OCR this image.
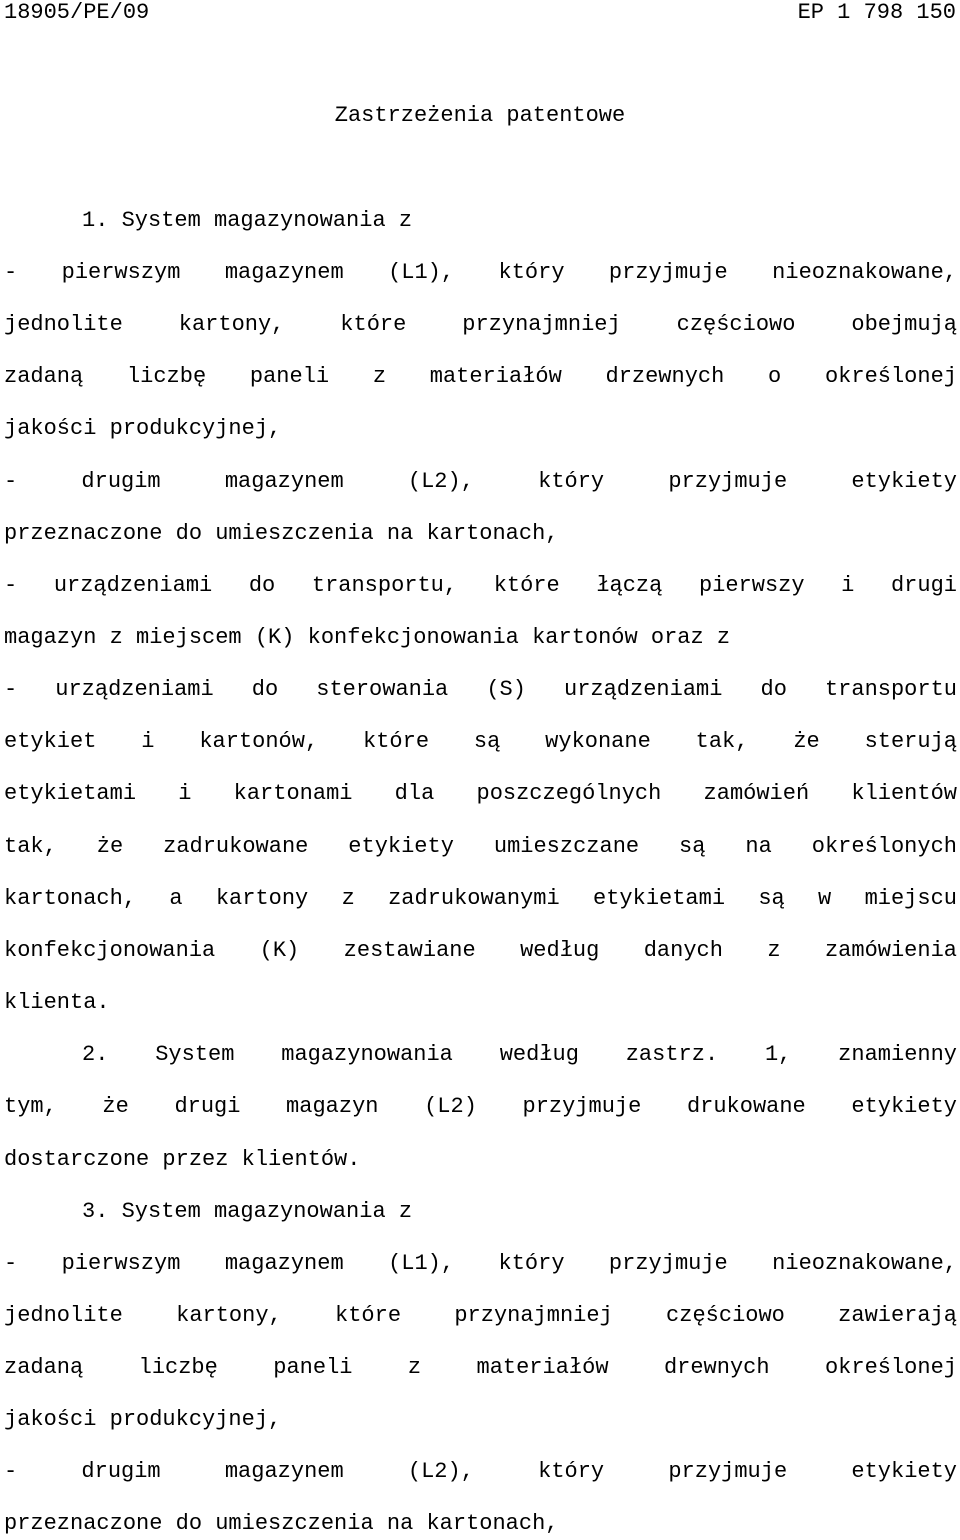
18905/PE/09	EP 1 798 150
Zastrzeżenia patentowe
1. System magazynowania z
- pierwszym magazynem (L1), który przyjmuje nieoznakowane,
jednolite kartony, które przynajmniej częściowo obejmują
zadaną liczbę paneli z materiałów drzewnych o określonej
jakości produkcyjnej,
- drugim magazynem (L2), który przyjmuje etykiety
przeznaczone do umieszczenia na kartonach,
- urządzeniami do transportu, które łączą pierwszy i drugi
magazyn z miejscem (K) konfekcjonowania kartonów oraz z
- urządzeniami do sterowania (S) urządzeniami do transportu
etykiet i kartonów, które są wykonane tak, że sterują
etykietami i kartonami dla poszczególnych zamówień klientów
tak, że zadrukowane etykiety umieszczane są na określonych
kartonach, a kartony z zadrukowanymi etykietami są w miejscu
konfekcjonowania (K) zestawiane według danych z zamówienia
klienta.
2. System magazynowania według zastrz. 1, znamienny
tym, że drugi magazyn (L2) przyjmuje drukowane etykiety
dostarczone przez klientów.
3. System magazynowania z
- pierwszym magazynem (L1), który przyjmuje nieoznakowane,
jednolite kartony, które przynajmniej częściowo zawierają
zadaną liczbę paneli z materiałów drewnych określonej
jakości produkcyjnej,
- drugim magazynem (L2), który przyjmuje etykiety
przeznaczone do umieszczenia na kartonach,
